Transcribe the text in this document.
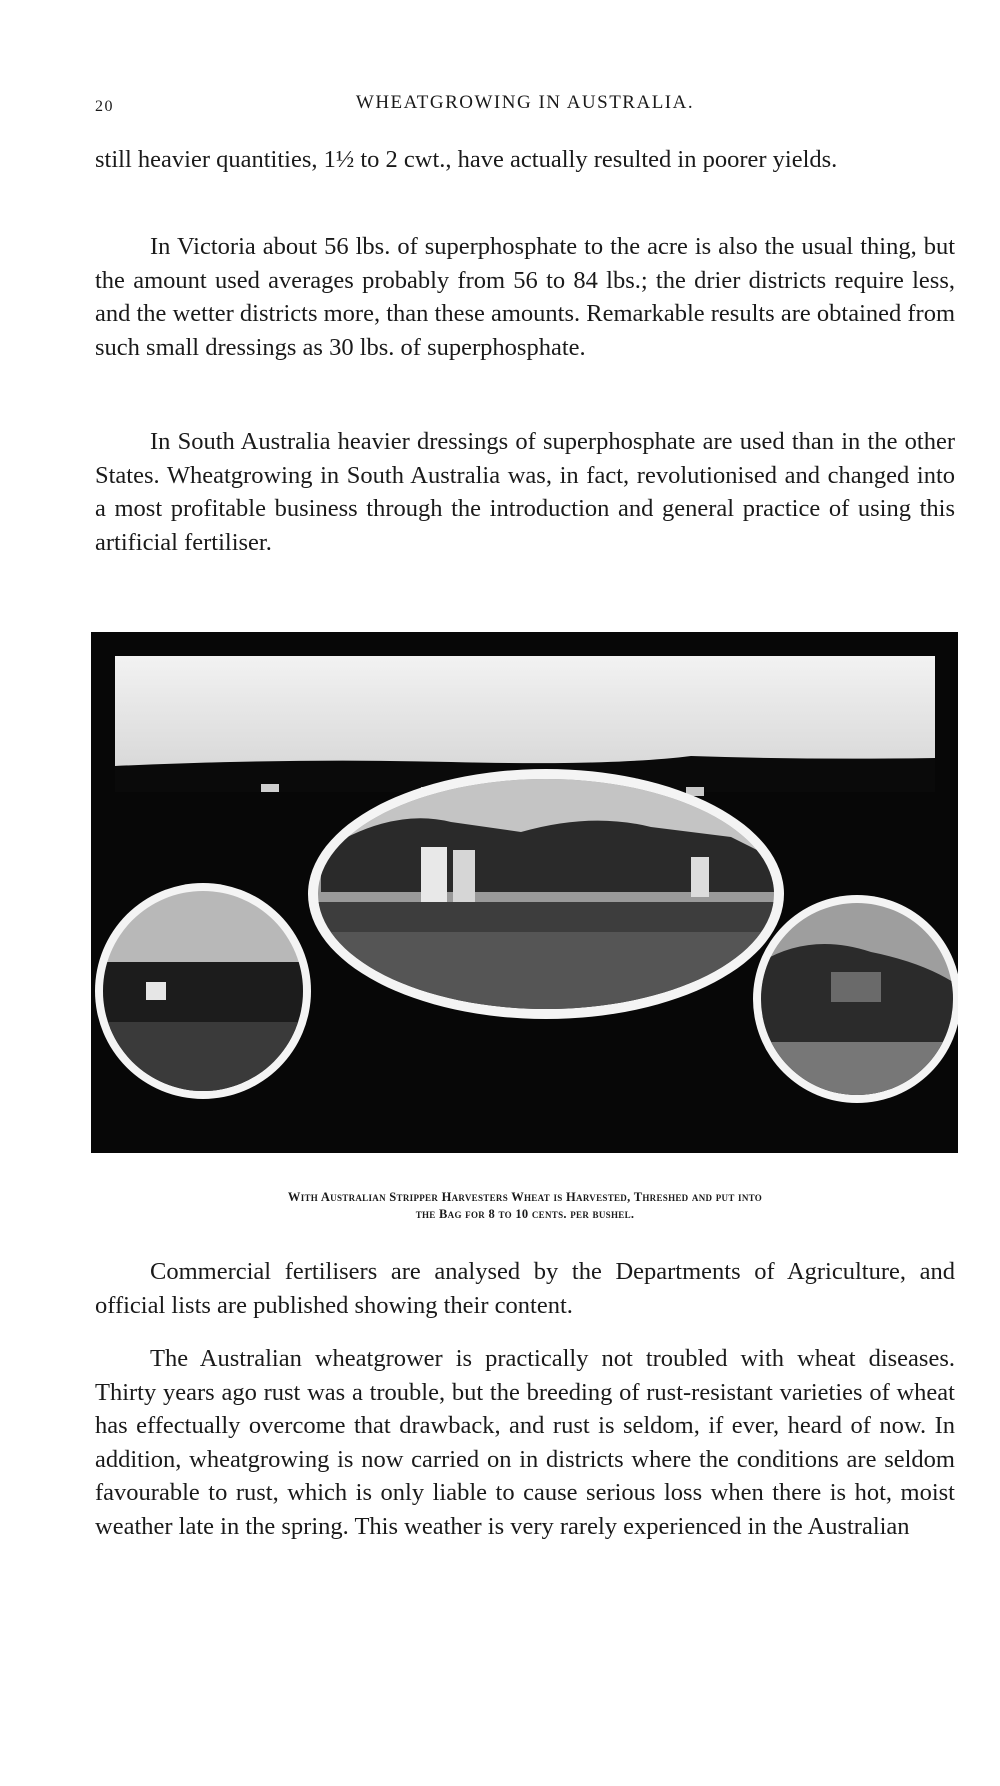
20	WHEATGROWING IN AUSTRALIA.

still heavier quantities, 1½ to 2 cwt., have actually resulted in poorer yields.

In Victoria about 56 lbs. of superphosphate to the acre is also the usual thing, but the amount used averages probably from 56 to 84 lbs.; the drier districts require less, and the wetter districts more, than these amounts. Remarkable results are obtained from such small dressings as 30 lbs. of superphosphate.

In South Australia heavier dressings of superphosphate are used than in the other States. Wheatgrowing in South Australia was, in fact, revolutionised and changed into a most profitable business through the introduction and general practice of using this artificial fertiliser.

With Australian Stripper Harvesters Wheat is Harvested, Threshed and put into
the Bag for 8 to 10 cents. per bushel.

Commercial fertilisers are analysed by the Departments of Agriculture, and official lists are published showing their content.

The Australian wheatgrower is practically not troubled with wheat diseases. Thirty years ago rust was a trouble, but the breeding of rust-resistant varieties of wheat has effectually overcome that drawback, and rust is seldom, if ever, heard of now. In addition, wheatgrowing is now carried on in districts where the conditions are seldom favourable to rust, which is only liable to cause serious loss when there is hot, moist weather late in the spring. This weather is very rarely experienced in the Australian
